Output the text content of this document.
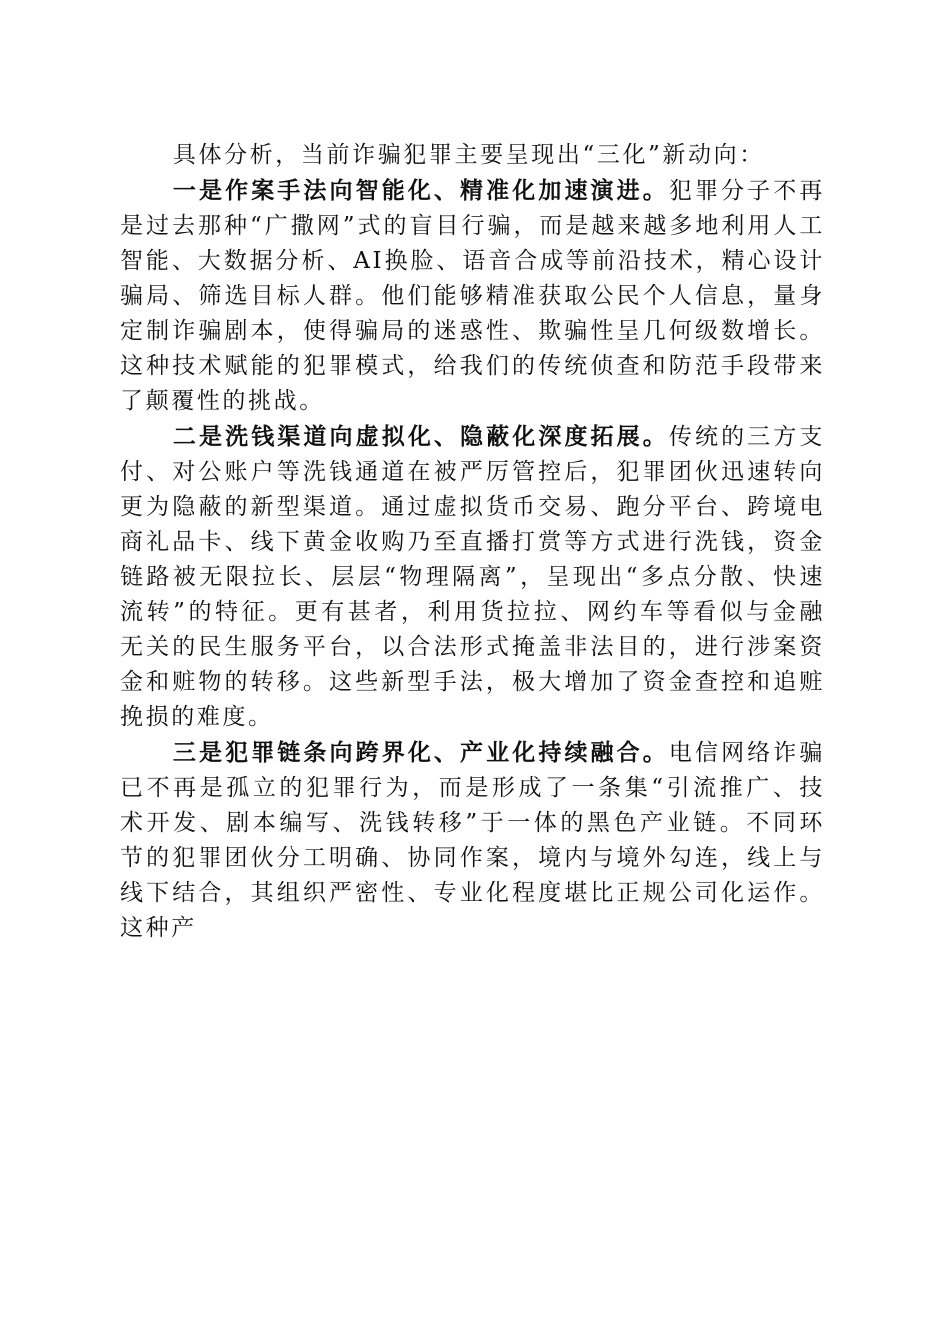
具体分析，当前诈骗犯罪主要呈现出“三化”新动向：

一是作案手法向智能化、精准化加速演进。犯罪分子不再是过去那种“广撒网”式的盲目行骗，而是越来越多地利用人工智能、大数据分析、AI换脸、语音合成等前沿技术，精心设计骗局、筛选目标人群。他们能够精准获取公民个人信息，量身定制诈骗剧本，使得骗局的迷惑性、欺骗性呈几何级数增长。这种技术赋能的犯罪模式，给我们的传统侦查和防范手段带来了颠覆性的挑战。

二是洗钱渠道向虚拟化、隐蔽化深度拓展。传统的三方支付、对公账户等洗钱通道在被严厉管控后，犯罪团伙迅速转向更为隐蔽的新型渠道。通过虚拟货币交易、跑分平台、跨境电商礼品卡、线下黄金收购乃至直播打赏等方式进行洗钱，资金链路被无限拉长、层层“物理隔离”，呈现出“多点分散、快速流转”的特征。更有甚者，利用货拉拉、网约车等看似与金融无关的民生服务平台，以合法形式掩盖非法目的，进行涉案资金和赃物的转移。这些新型手法，极大增加了资金查控和追赃挽损的难度。

三是犯罪链条向跨界化、产业化持续融合。电信网络诈骗已不再是孤立的犯罪行为，而是形成了一条集“引流推广、技术开发、剧本编写、洗钱转移”于一体的黑色产业链。不同环节的犯罪团伙分工明确、协同作案，境内与境外勾连，线上与线下结合，其组织严密性、专业化程度堪比正规公司化运作。这种产
